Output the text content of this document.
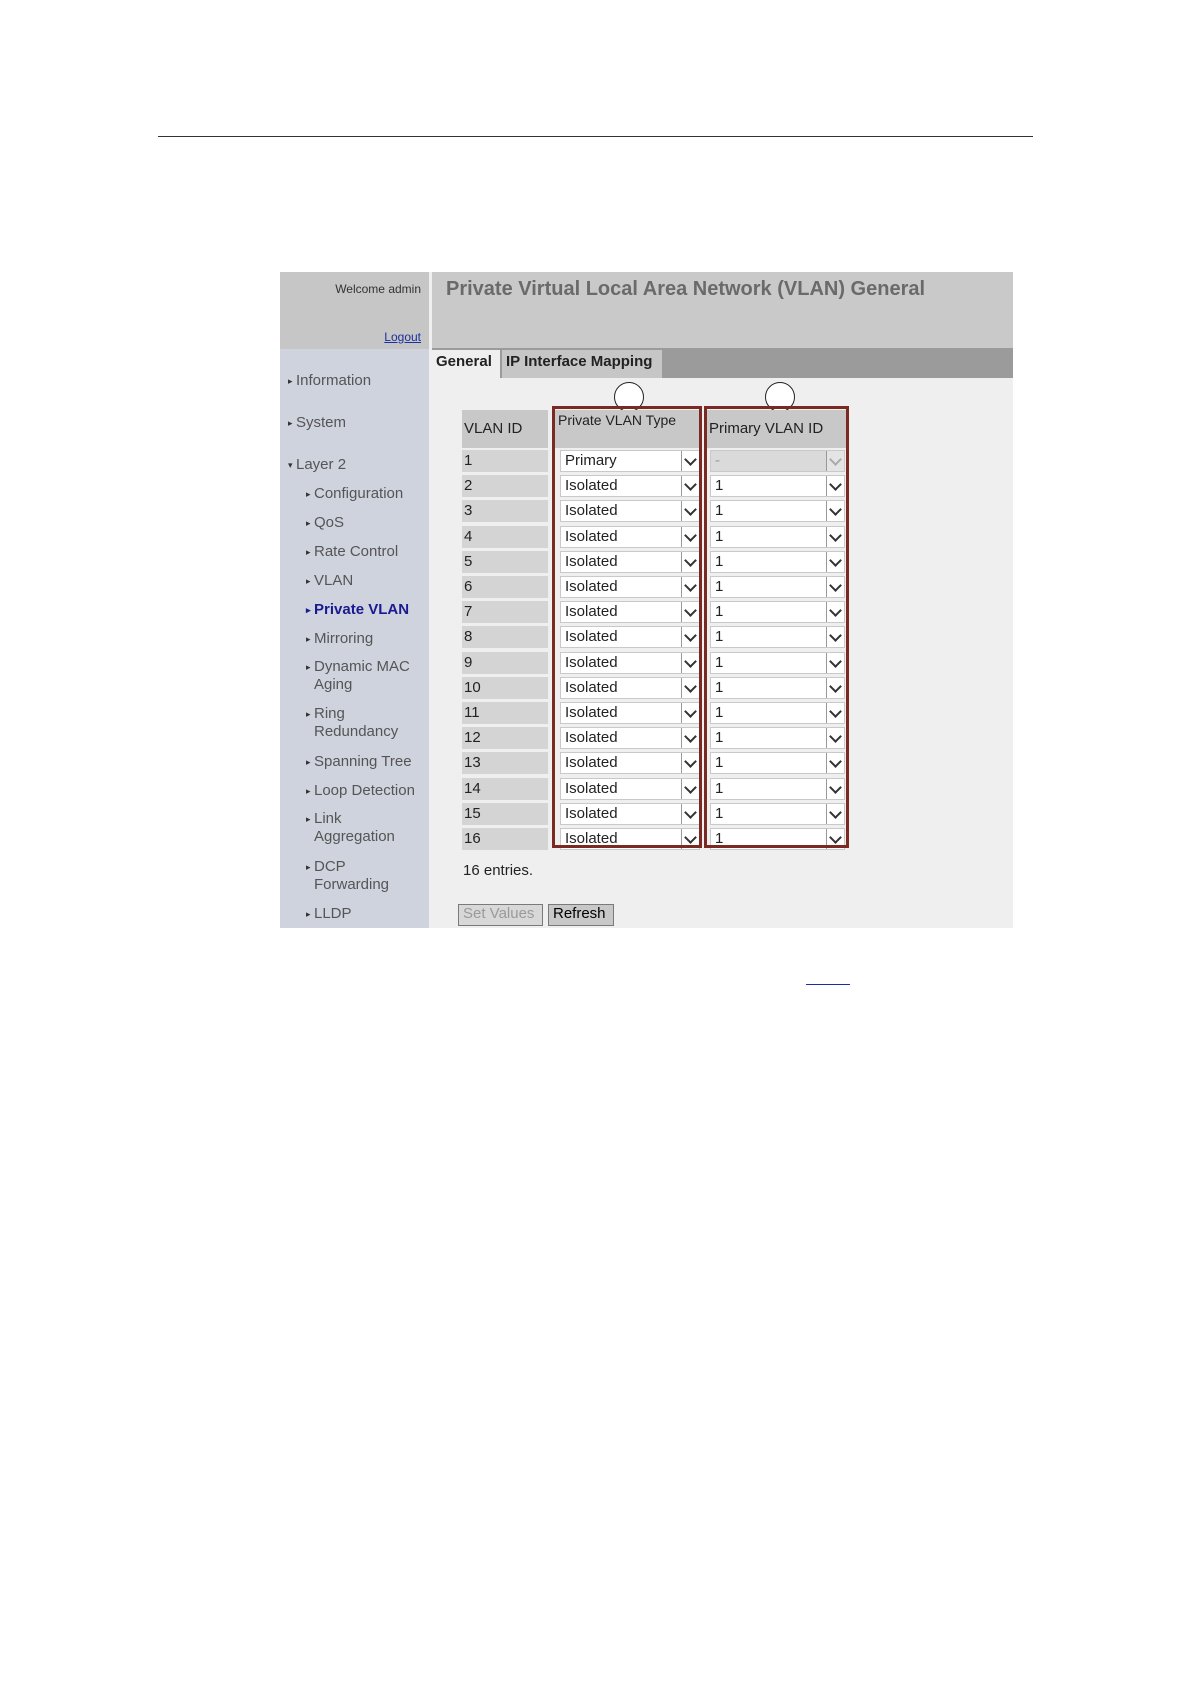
Welcome admin
Logout
▸ Information
▸ System
▾ Layer 2
▸ Configuration
▸ QoS
▸ Rate Control
▸ VLAN
▸ Private VLAN
▸ Mirroring
▸ Dynamic MAC Aging
▸ Ring Redundancy
▸ Spanning Tree
▸ Loop Detection
▸ Link Aggregation
▸ DCP Forwarding
▸ LLDP
Private Virtual Local Area Network (VLAN) General
General IP Interface Mapping
VLAN ID	Private VLAN Type	Primary VLAN ID
1	Primary	-
2	Isolated	1
3	Isolated	1
4	Isolated	1
5	Isolated	1
6	Isolated	1
7	Isolated	1
8	Isolated	1
9	Isolated	1
10	Isolated	1
11	Isolated	1
12	Isolated	1
13	Isolated	1
14	Isolated	1
15	Isolated	1
16	Isolated	1
16 entries.
Set Values	Refresh
